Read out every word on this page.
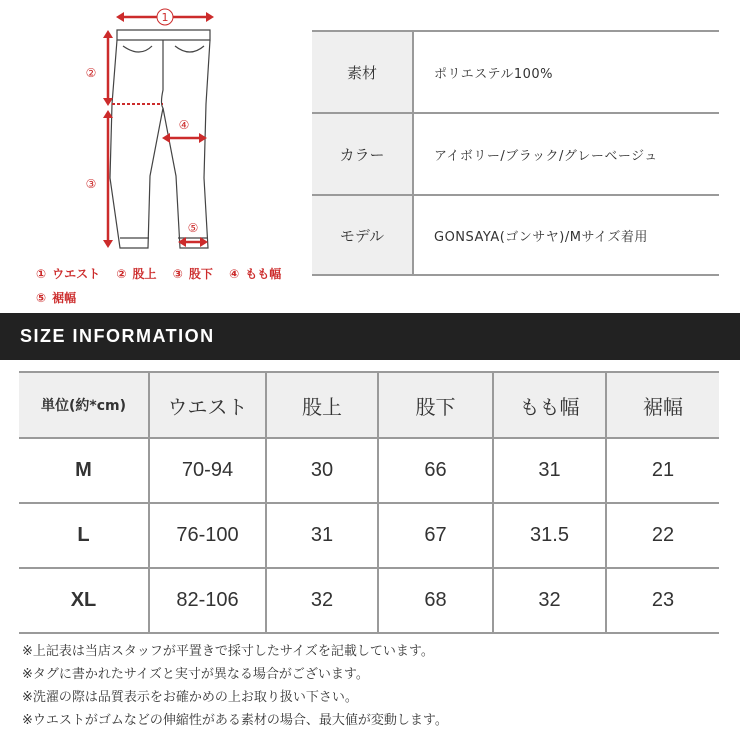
1
②
③
④
⑤
① ウエスト ② 股上 ③ 股下 ④ もも幅
⑤ 裾幅
素材	ポリエステル100%
カラー	アイボリー/ブラック/グレーベージュ
モデル	GONSAYA(ゴンサヤ)/Mサイズ着用
SIZE INFORMATION
単位(約*cm)	ウエスト	股上	股下	もも幅	裾幅
M	70-94	30	66	31	21
L	76-100	31	67	31.5	22
XL	82-106	32	68	32	23
※上記表は当店スタッフが平置きで採寸したサイズを記載しています。
※タグに書かれたサイズと実寸が異なる場合がございます。
※洗濯の際は品質表示をお確かめの上お取り扱い下さい。
※ウエストがゴムなどの伸縮性がある素材の場合、最大値が変動します。
